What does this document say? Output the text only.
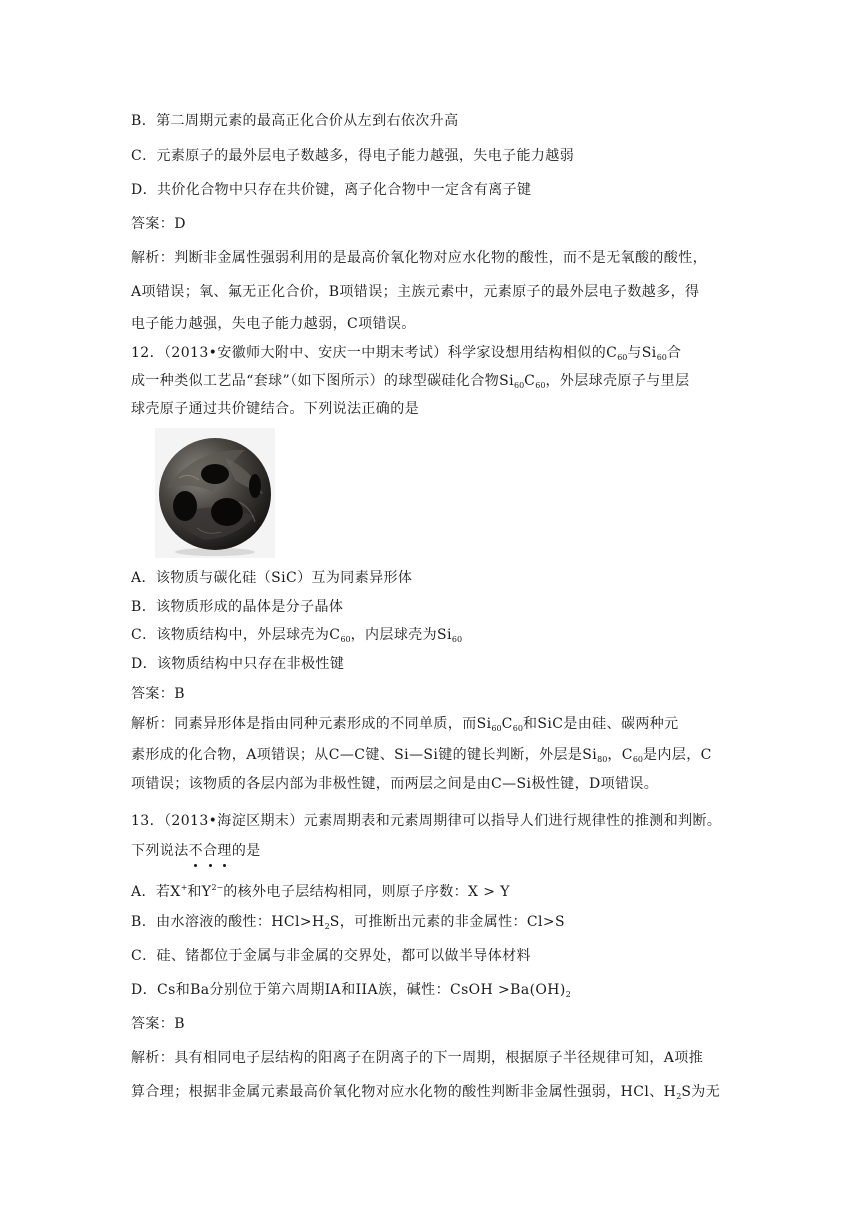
B．第二周期元素的最高正化合价从左到右依次升高
C．元素原子的最外层电子数越多，得电子能力越强，失电子能力越弱
D．共价化合物中只存在共价键，离子化合物中一定含有离子键
答案：D
解析：判断非金属性强弱利用的是最高价氧化物对应水化物的酸性，而不是无氧酸的酸性，
A项错误；氧、氟无正化合价，B项错误；主族元素中，元素原子的最外层电子数越多，得
电子能力越强，失电子能力越弱，C项错误。
12．（2013•安徽师大附中、安庆一中期末考试）科学家设想用结构相似的$C_{60}$与$Si_{60}$合
成一种类似工艺品“套球”（如下图所示）的球型碳硅化合物$Si_{60}C_{60}$，外层球壳原子与里层
球壳原子通过共价键结合。下列说法正确的是
A．该物质与碳化硅（SiC）互为同素异形体
B．该物质形成的晶体是分子晶体
C．该物质结构中，外层球壳为$C_{60}$，内层球壳为$Si_{60}$
D．该物质结构中只存在非极性键
答案：B
解析：同素异形体是指由同种元素形成的不同单质，而$Si_{60}C_{60}$和SiC是由硅、碳两种元
素形成的化合物，A项错误；从C—C键、Si—Si键的键长判断，外层是$Si_{80}$，$C_{60}$是内层，C
项错误；该物质的各层内部为非极性键，而两层之间是由C—Si极性键，D项错误。
13．（2013•海淀区期末）元素周期表和元素周期律可以指导人们进行规律性的推测和判断。
下列说法不合理的是
A．若X+和$Y^{2-}$的核外电子层结构相同，则原子序数：X > Y
B．由水溶液的酸性：$HCl>H_2S$，可推断出元素的非金属性：Cl>S
C．硅、锗都位于金属与非金属的交界处，都可以做半导体材料
D．Cs和Ba分别位于第六周期IA和IIA族，碱性：CsOH $>Ba(OH)_2$
答案：B
解析：具有相同电子层结构的阳离子在阴离子的下一周期，根据原子半径规律可知，A项推
算合理；根据非金属元素最高价氧化物对应水化物的酸性判断非金属性强弱，HCl、$H_2S$为无
